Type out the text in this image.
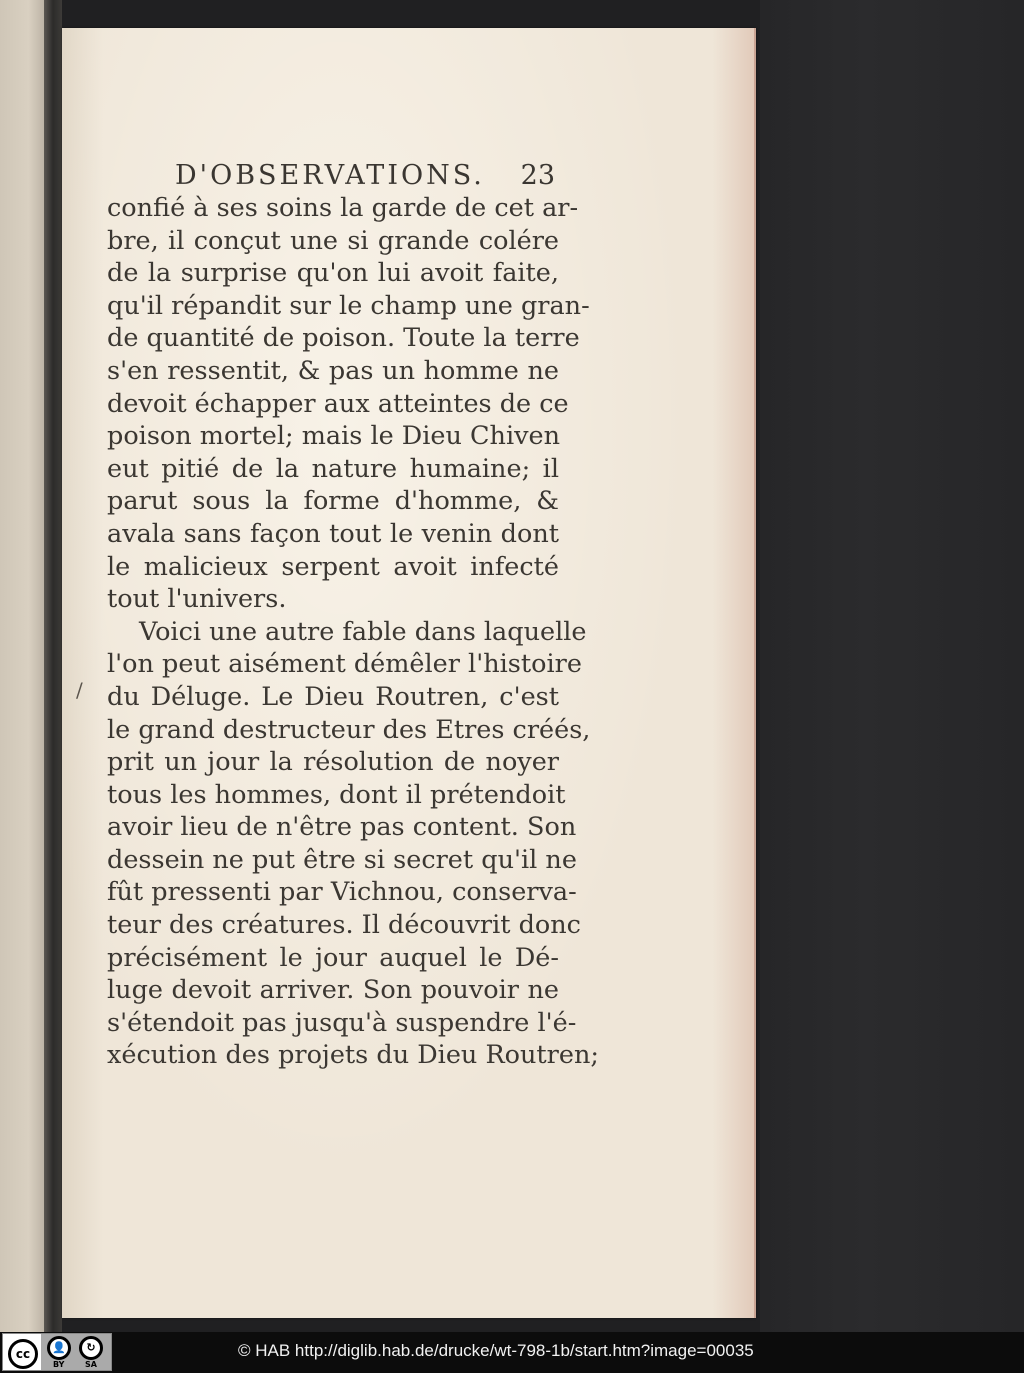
D'OBSERVATIONS. 23
/
confié à ses soins la garde de cet ar-
bre, il conçut une si grande colére
de la surprise qu'on lui avoit faite,
qu'il répandit sur le champ une gran-
de quantité de poison. Toute la terre
s'en ressentit, & pas un homme ne
devoit échapper aux atteintes de ce
poison mortel; mais le Dieu Chiven
eut pitié de la nature humaine; il
parut sous la forme d'homme, &
avala sans façon tout le venin dont
le malicieux serpent avoit infecté
tout l'univers.
Voici une autre fable dans laquelle
l'on peut aisément démêler l'histoire
du Déluge. Le Dieu Routren, c'est
le grand destructeur des Etres créés,
prit un jour la résolution de noyer
tous les hommes, dont il prétendoit
avoir lieu de n'être pas content. Son
dessein ne put être si secret qu'il ne
fût pressenti par Vichnou, conserva-
teur des créatures. Il découvrit donc
précisément le jour auquel le Dé-
luge devoit arriver. Son pouvoir ne
s'étendoit pas jusqu'à suspendre l'é-
xécution des projets du Dieu Routren;
cc	👤	↻
BY	SA
© HAB http://diglib.hab.de/drucke/wt-798-1b/start.htm?image=00035
